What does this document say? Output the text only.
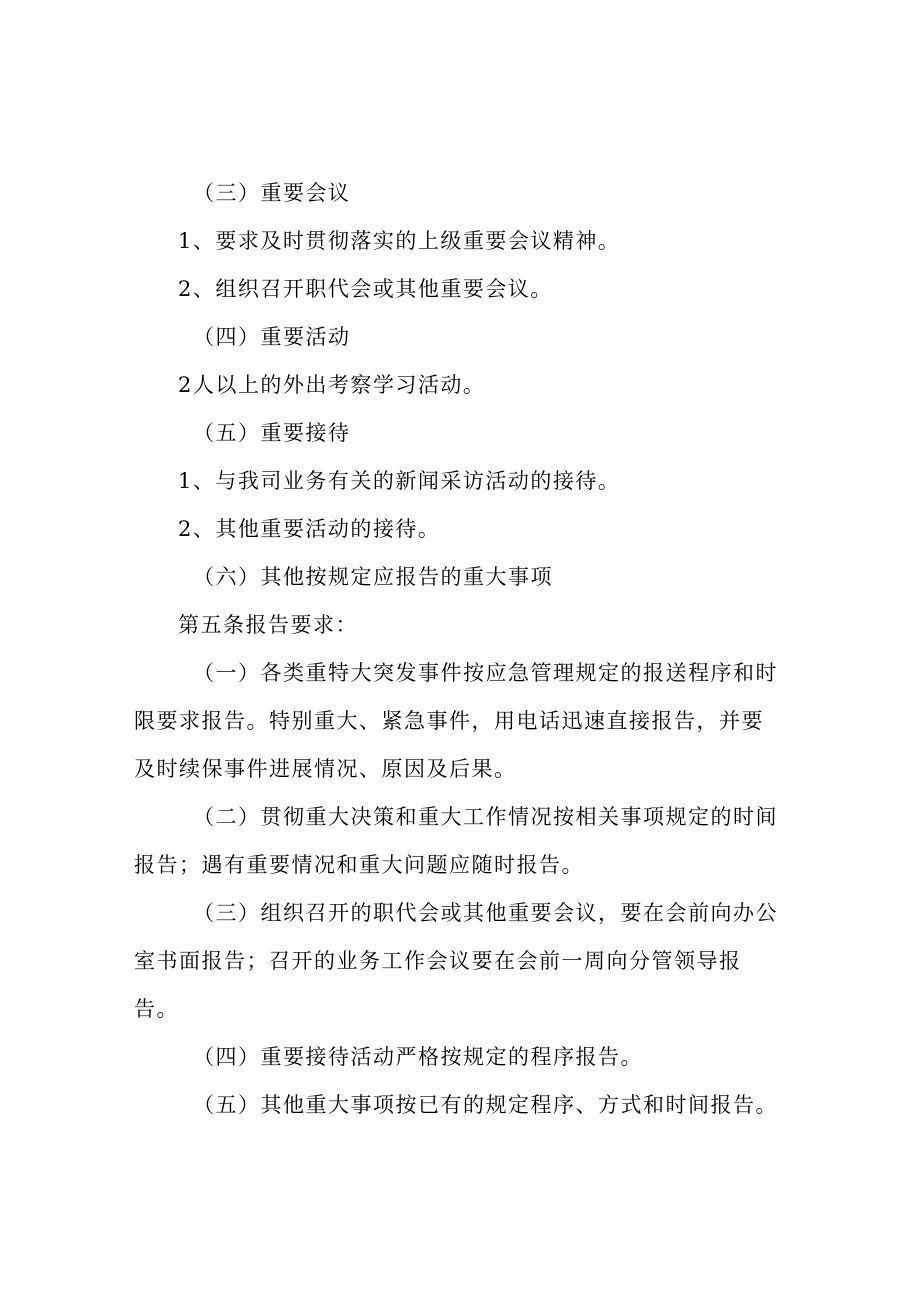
（三）重要会议
1、要求及时贯彻落实的上级重要会议精神。
2、组织召开职代会或其他重要会议。
（四）重要活动
2人以上的外出考察学习活动。
（五）重要接待
1、与我司业务有关的新闻采访活动的接待。
2、其他重要活动的接待。
（六）其他按规定应报告的重大事项
第五条报告要求：
（一）各类重特大突发事件按应急管理规定的报送程序和时
限要求报告。特别重大、紧急事件，用电话迅速直接报告，并要
及时续保事件进展情况、原因及后果。
（二）贯彻重大决策和重大工作情况按相关事项规定的时间
报告；遇有重要情况和重大问题应随时报告。
（三）组织召开的职代会或其他重要会议，要在会前向办公
室书面报告；召开的业务工作会议要在会前一周向分管领导报
告。
（四）重要接待活动严格按规定的程序报告。
（五）其他重大事项按已有的规定程序、方式和时间报告。
